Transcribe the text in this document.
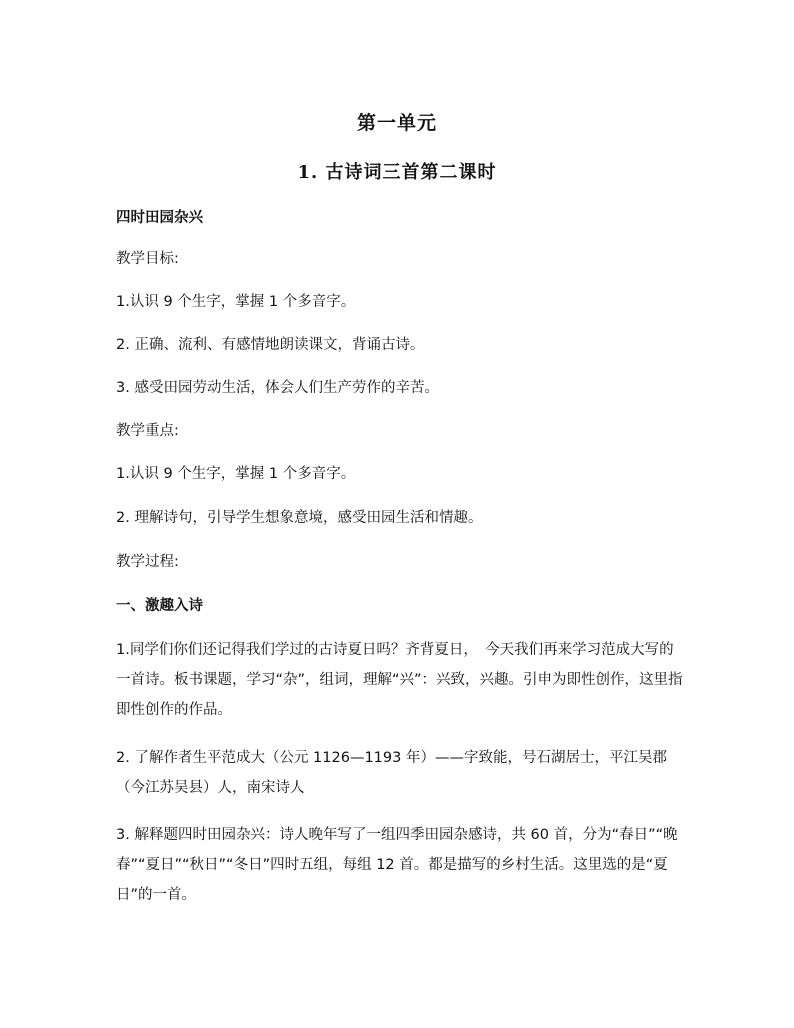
第一单元
1. 古诗词三首第二课时
四时田园杂兴
教学目标:
1.认识 9 个生字，掌握 1 个多音字。
2. 正确、流利、有感情地朗读课文，背诵古诗。
3. 感受田园劳动生活，体会人们生产劳作的辛苦。
教学重点:
1.认识 9 个生字，掌握 1 个多音字。
2. 理解诗句，引导学生想象意境，感受田园生活和情趣。
教学过程:
一、激趣入诗
1.同学们你们还记得我们学过的古诗夏日吗？齐背夏日，　今天我们再来学习范成大写的一首诗。板书课题，学习“杂”，组词，理解“兴”：兴致，兴趣。引申为即性创作，这里指即性创作的作品。
2. 了解作者生平范成大（公元 1126—1193 年）——字致能，号石湖居士，平江吴郡（今江苏吴县）人，南宋诗人
3. 解释题四时田园杂兴：诗人晚年写了一组四季田园杂感诗，共 60 首，分为“春日”“晚春”“夏日”“秋日”“冬日”四时五组，每组 12 首。都是描写的乡村生活。这里选的是“夏日”的一首。
